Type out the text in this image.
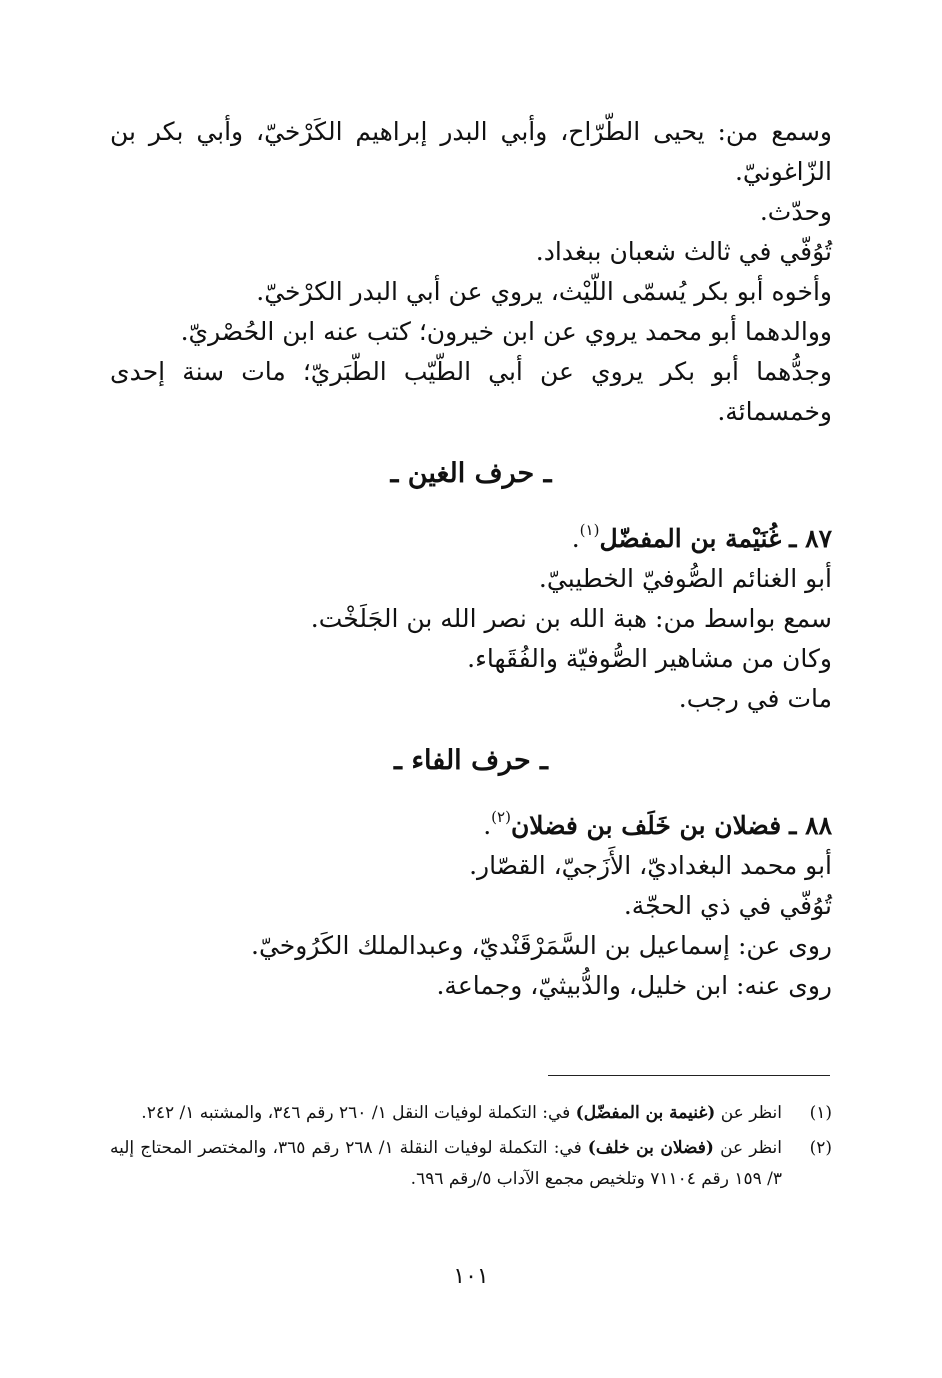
وسمع من: يحيى الطّرّاح، وأبي البدر إبراهيم الكَرْخيّ، وأبي بكر بن الزّاغونيّ.

وحدّث.

تُوُفّي في ثالث شعبان ببغداد.

وأخوه أبو بكر يُسمّى اللّيْث، يروي عن أبي البدر الكرْخيّ.

ووالدهما أبو محمد يروي عن ابن خيرون؛ كتب عنه ابن الحُصْريّ.

وجدُّهما أبو بكر يروي عن أبي الطّيّب الطّبَريّ؛ مات سنة إحدى وخمسمائة.

ـ حرف الغين ـ

٨٧ ـ غُنَيْمة بن المفضّل$^{(١)}$.

أبو الغنائم الصُّوفيّ الخطيبيّ.

سمع بواسط من: هبة الله بن نصر الله بن الجَلَخْت.

وكان من مشاهير الصُّوفيّة والفُقَهاء.

مات في رجب.

ـ حرف الفاء ـ

٨٨ ـ فضلان بن خَلَف بن فضلان$^{(٢)}$.

أبو محمد البغداديّ، الأَزَجيّ، القصّار.

تُوُفّي في ذي الحجّة.

روى عن: إسماعيل بن السَّمَرْقَنْديّ، وعبدالملك الكَرُوخيّ.

روى عنه: ابن خليل، والدُّبيثيّ، وجماعة.

(١)
انظر عن (غنيمة بن المفضّل) في: التكملة لوفيات النقل ١/ ٢٦٠ رقم ٣٤٦، والمشتبه ١/ ٢٤٢.
(٢)
انظر عن (فضلان بن خلف) في: التكملة لوفيات النقلة ١/ ٢٦٨ رقم ٣٦٥، والمختصر المحتاج إليه ٣/ ١٥٩ رقم ٧١١٠٤ وتلخيص مجمع الآداب ٥/رقم ٦٩٦.
١٠١
